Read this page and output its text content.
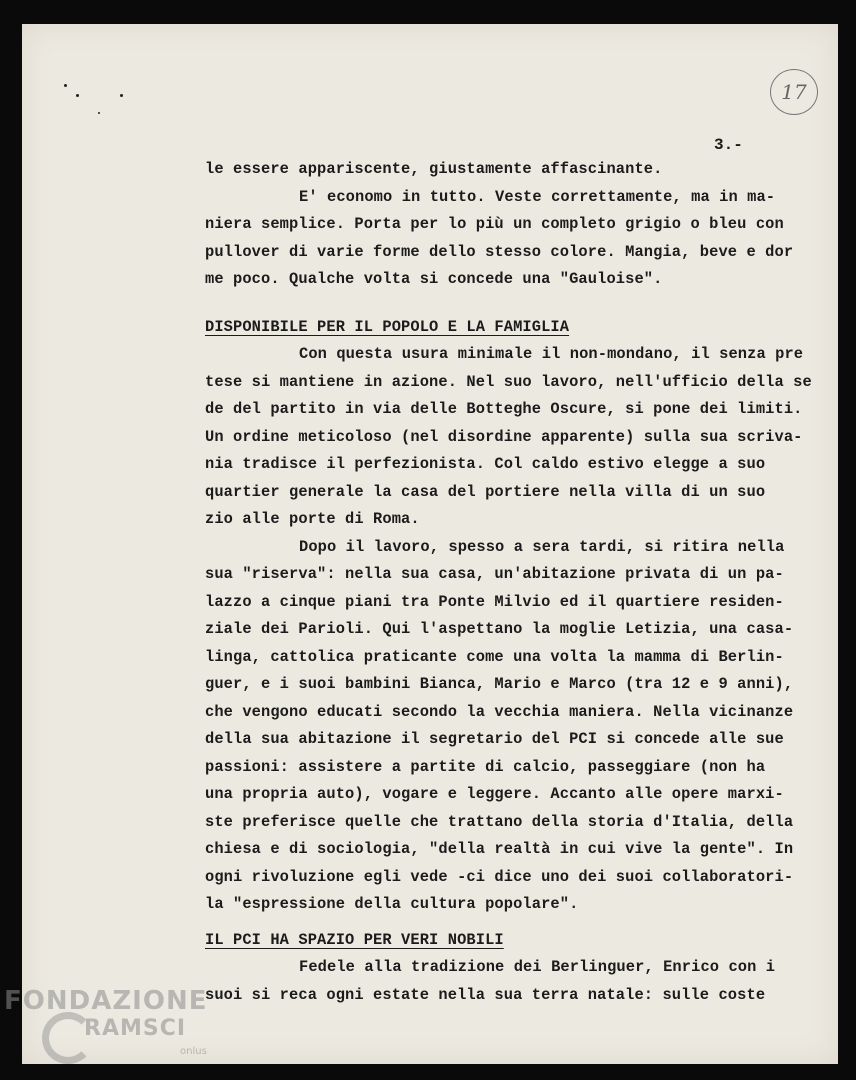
17
3.-
le essere appariscente, giustamente affascinante.
E' economo in tutto. Veste correttamente, ma in ma-
niera semplice. Porta per lo più un completo grigio o bleu con
pullover di varie forme dello stesso colore. Mangia, beve e dor
me poco. Qualche volta si concede una "Gauloise".
DISPONIBILE PER IL POPOLO E LA FAMIGLIA
Con questa usura minimale il non-mondano, il senza pre
tese si mantiene in azione. Nel suo lavoro, nell'ufficio della se
de del partito in via delle Botteghe Oscure, si pone dei limiti.
Un ordine meticoloso (nel disordine apparente) sulla sua scriva-
nia tradisce il perfezionista. Col caldo estivo elegge a suo
quartier generale la casa del portiere nella villa di un suo
zio alle porte di Roma.
Dopo il lavoro, spesso a sera tardi, si ritira nella
sua "riserva": nella sua casa, un'abitazione privata di un pa-
lazzo a cinque piani tra Ponte Milvio ed il quartiere residen-
ziale dei Parioli. Qui l'aspettano la moglie Letizia, una casa-
linga, cattolica praticante come una volta la mamma di Berlin-
guer, e i suoi bambini Bianca, Mario e Marco (tra 12 e 9 anni),
che vengono educati secondo la vecchia maniera. Nella vicinanze
della sua abitazione il segretario del PCI si concede alle sue
passioni: assistere a partite di calcio, passeggiare (non ha
una propria auto), vogare e leggere. Accanto alle opere marxi-
ste preferisce quelle che trattano della storia d'Italia, della
chiesa e di sociologia, "della realtà in cui vive la gente". In
ogni rivoluzione egli vede -ci dice uno dei suoi collaboratori-
la "espressione della cultura popolare".
IL PCI HA SPAZIO PER VERI NOBILI
Fedele alla tradizione dei Berlinguer, Enrico con i
suoi si reca ogni estate nella sua terra natale: sulle coste
FONDAZIONE
RAMSCI
onlus
